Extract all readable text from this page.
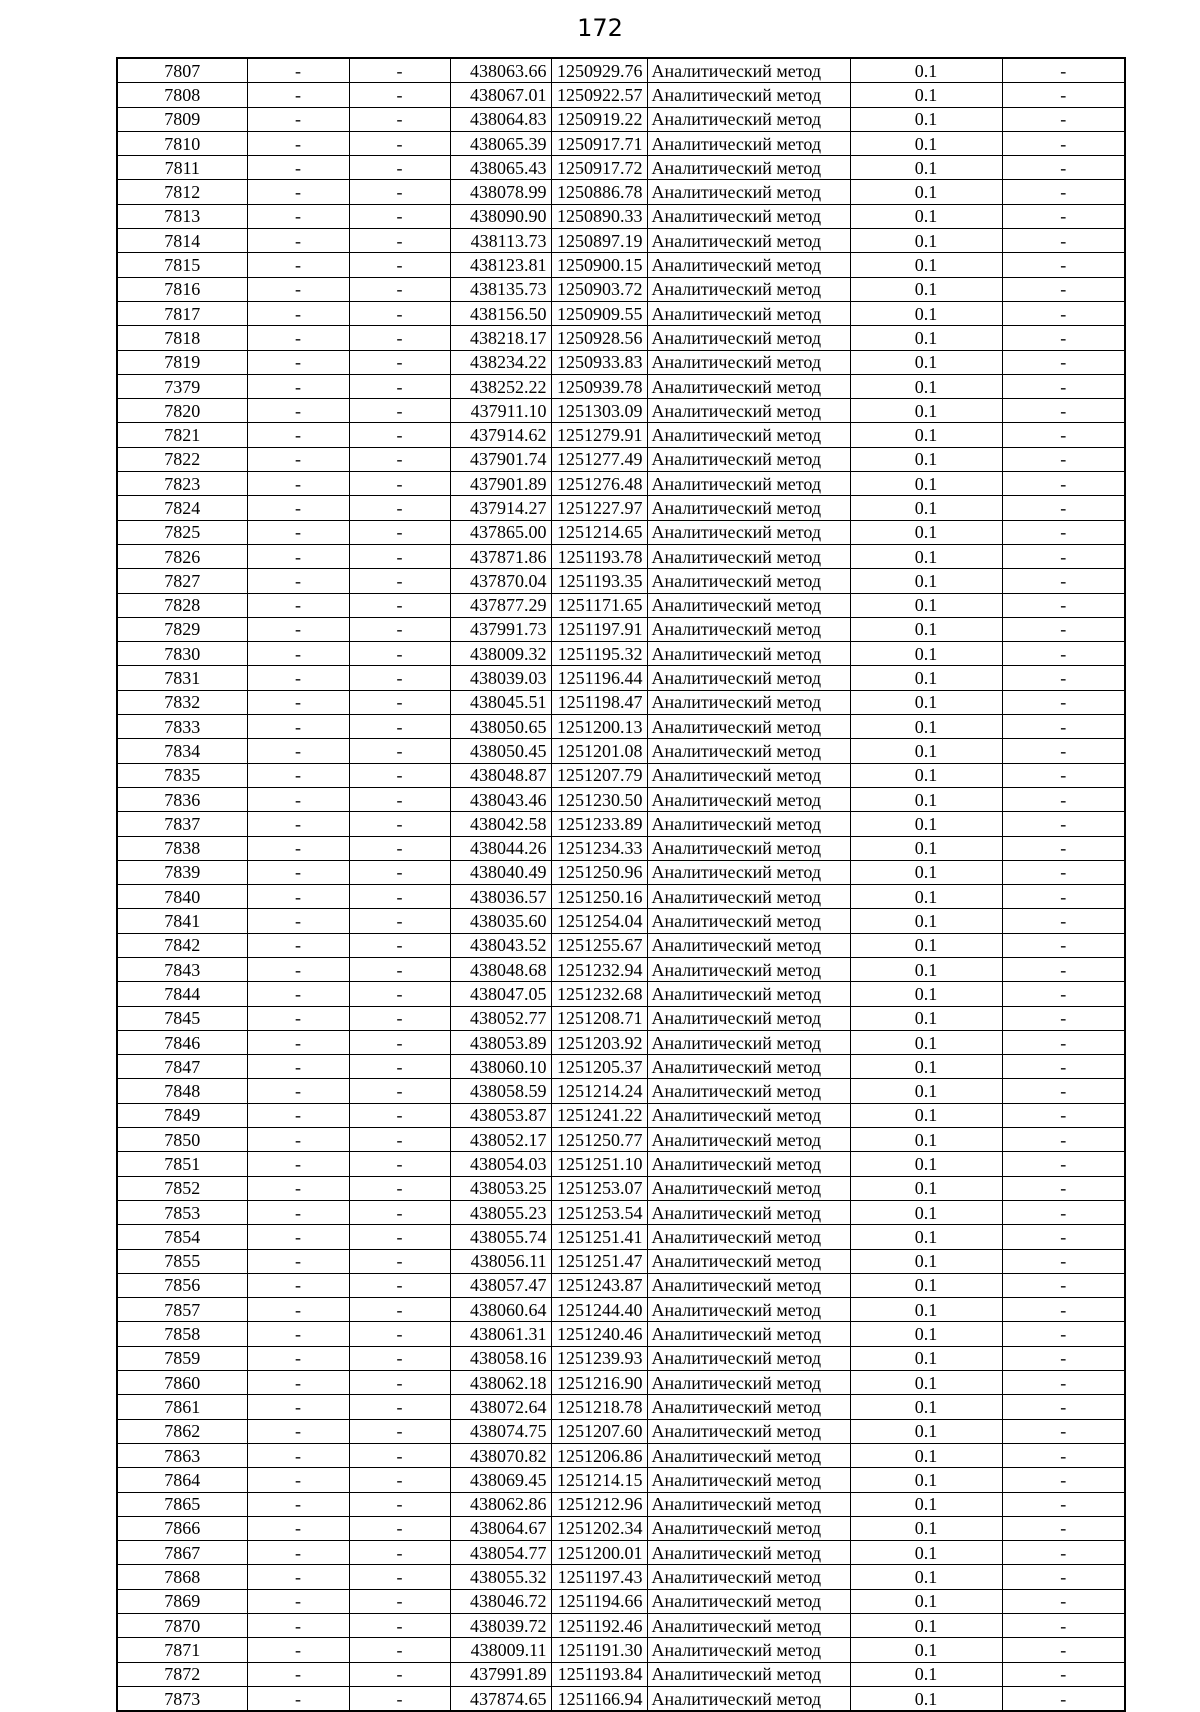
172
7807	-	-	438063.66	1250929.76	Аналитический метод	0.1	-
7808	-	-	438067.01	1250922.57	Аналитический метод	0.1	-
7809	-	-	438064.83	1250919.22	Аналитический метод	0.1	-
7810	-	-	438065.39	1250917.71	Аналитический метод	0.1	-
7811	-	-	438065.43	1250917.72	Аналитический метод	0.1	-
7812	-	-	438078.99	1250886.78	Аналитический метод	0.1	-
7813	-	-	438090.90	1250890.33	Аналитический метод	0.1	-
7814	-	-	438113.73	1250897.19	Аналитический метод	0.1	-
7815	-	-	438123.81	1250900.15	Аналитический метод	0.1	-
7816	-	-	438135.73	1250903.72	Аналитический метод	0.1	-
7817	-	-	438156.50	1250909.55	Аналитический метод	0.1	-
7818	-	-	438218.17	1250928.56	Аналитический метод	0.1	-
7819	-	-	438234.22	1250933.83	Аналитический метод	0.1	-
7379	-	-	438252.22	1250939.78	Аналитический метод	0.1	-
7820	-	-	437911.10	1251303.09	Аналитический метод	0.1	-
7821	-	-	437914.62	1251279.91	Аналитический метод	0.1	-
7822	-	-	437901.74	1251277.49	Аналитический метод	0.1	-
7823	-	-	437901.89	1251276.48	Аналитический метод	0.1	-
7824	-	-	437914.27	1251227.97	Аналитический метод	0.1	-
7825	-	-	437865.00	1251214.65	Аналитический метод	0.1	-
7826	-	-	437871.86	1251193.78	Аналитический метод	0.1	-
7827	-	-	437870.04	1251193.35	Аналитический метод	0.1	-
7828	-	-	437877.29	1251171.65	Аналитический метод	0.1	-
7829	-	-	437991.73	1251197.91	Аналитический метод	0.1	-
7830	-	-	438009.32	1251195.32	Аналитический метод	0.1	-
7831	-	-	438039.03	1251196.44	Аналитический метод	0.1	-
7832	-	-	438045.51	1251198.47	Аналитический метод	0.1	-
7833	-	-	438050.65	1251200.13	Аналитический метод	0.1	-
7834	-	-	438050.45	1251201.08	Аналитический метод	0.1	-
7835	-	-	438048.87	1251207.79	Аналитический метод	0.1	-
7836	-	-	438043.46	1251230.50	Аналитический метод	0.1	-
7837	-	-	438042.58	1251233.89	Аналитический метод	0.1	-
7838	-	-	438044.26	1251234.33	Аналитический метод	0.1	-
7839	-	-	438040.49	1251250.96	Аналитический метод	0.1	-
7840	-	-	438036.57	1251250.16	Аналитический метод	0.1	-
7841	-	-	438035.60	1251254.04	Аналитический метод	0.1	-
7842	-	-	438043.52	1251255.67	Аналитический метод	0.1	-
7843	-	-	438048.68	1251232.94	Аналитический метод	0.1	-
7844	-	-	438047.05	1251232.68	Аналитический метод	0.1	-
7845	-	-	438052.77	1251208.71	Аналитический метод	0.1	-
7846	-	-	438053.89	1251203.92	Аналитический метод	0.1	-
7847	-	-	438060.10	1251205.37	Аналитический метод	0.1	-
7848	-	-	438058.59	1251214.24	Аналитический метод	0.1	-
7849	-	-	438053.87	1251241.22	Аналитический метод	0.1	-
7850	-	-	438052.17	1251250.77	Аналитический метод	0.1	-
7851	-	-	438054.03	1251251.10	Аналитический метод	0.1	-
7852	-	-	438053.25	1251253.07	Аналитический метод	0.1	-
7853	-	-	438055.23	1251253.54	Аналитический метод	0.1	-
7854	-	-	438055.74	1251251.41	Аналитический метод	0.1	-
7855	-	-	438056.11	1251251.47	Аналитический метод	0.1	-
7856	-	-	438057.47	1251243.87	Аналитический метод	0.1	-
7857	-	-	438060.64	1251244.40	Аналитический метод	0.1	-
7858	-	-	438061.31	1251240.46	Аналитический метод	0.1	-
7859	-	-	438058.16	1251239.93	Аналитический метод	0.1	-
7860	-	-	438062.18	1251216.90	Аналитический метод	0.1	-
7861	-	-	438072.64	1251218.78	Аналитический метод	0.1	-
7862	-	-	438074.75	1251207.60	Аналитический метод	0.1	-
7863	-	-	438070.82	1251206.86	Аналитический метод	0.1	-
7864	-	-	438069.45	1251214.15	Аналитический метод	0.1	-
7865	-	-	438062.86	1251212.96	Аналитический метод	0.1	-
7866	-	-	438064.67	1251202.34	Аналитический метод	0.1	-
7867	-	-	438054.77	1251200.01	Аналитический метод	0.1	-
7868	-	-	438055.32	1251197.43	Аналитический метод	0.1	-
7869	-	-	438046.72	1251194.66	Аналитический метод	0.1	-
7870	-	-	438039.72	1251192.46	Аналитический метод	0.1	-
7871	-	-	438009.11	1251191.30	Аналитический метод	0.1	-
7872	-	-	437991.89	1251193.84	Аналитический метод	0.1	-
7873	-	-	437874.65	1251166.94	Аналитический метод	0.1	-
